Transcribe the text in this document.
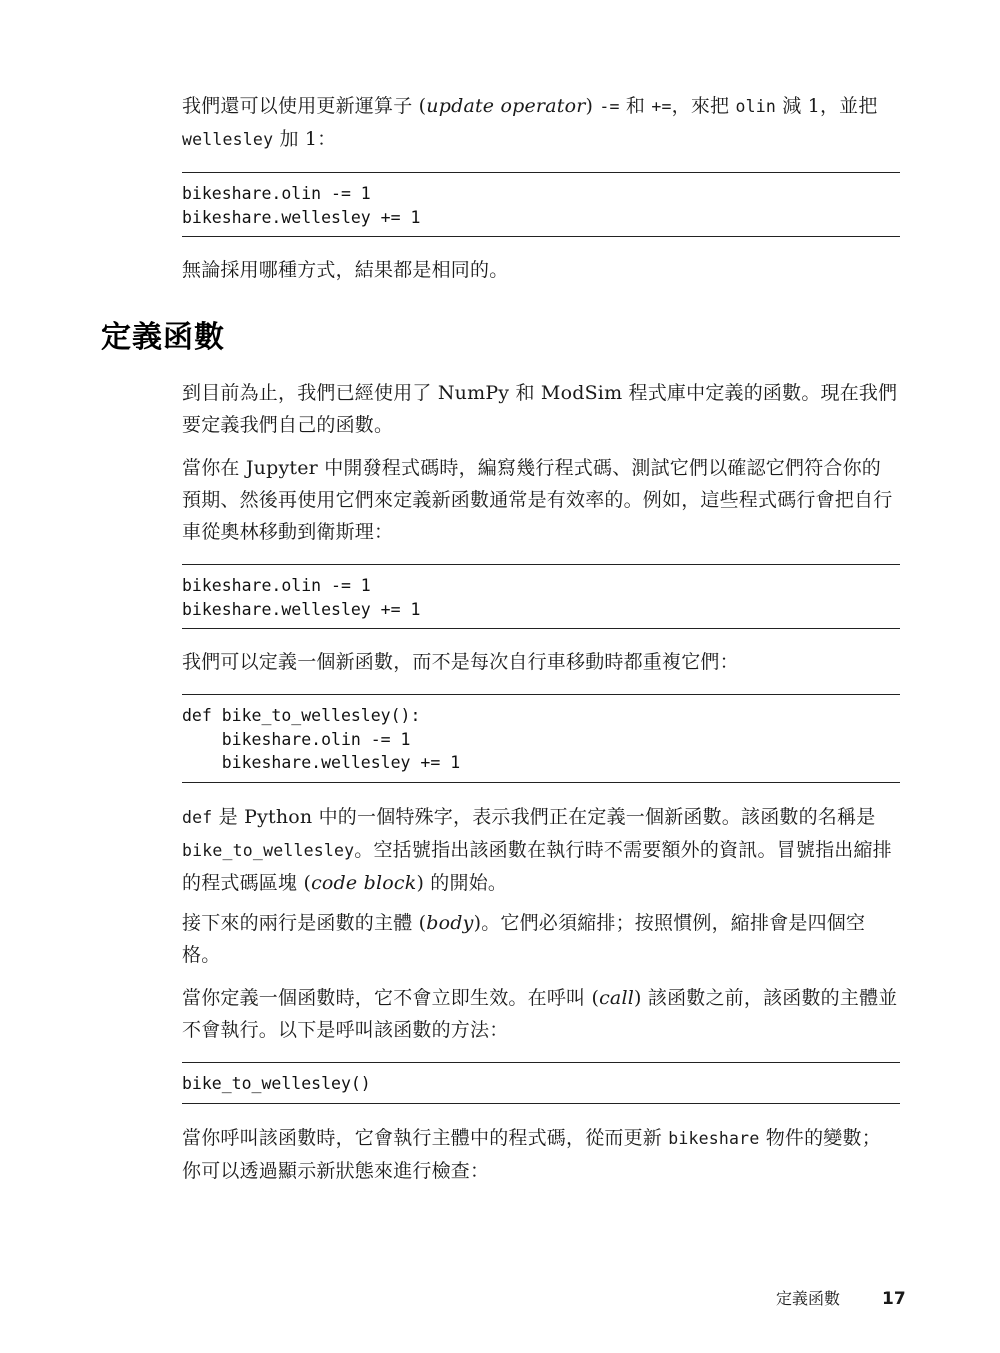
我們還可以使用更新運算子 (update operator) -= 和 +=，來把 olin 減 1，並把 wellesley 加 1：

bikeshare.olin -= 1
bikeshare.wellesley += 1

無論採用哪種方式，結果都是相同的。

定義函數

到目前為止，我們已經使用了 NumPy 和 ModSim 程式庫中定義的函數。現在我們要定義我們自己的函數。

當你在 Jupyter 中開發程式碼時，編寫幾行程式碼、測試它們以確認它們符合你的預期、然後再使用它們來定義新函數通常是有效率的。例如，這些程式碼行會把自行車從奧林移動到衛斯理：

bikeshare.olin -= 1
bikeshare.wellesley += 1

我們可以定義一個新函數，而不是每次自行車移動時都重複它們：

def bike_to_wellesley():
bikeshare.olin -= 1
bikeshare.wellesley += 1

def 是 Python 中的一個特殊字，表示我們正在定義一個新函數。該函數的名稱是 bike_to_wellesley。空括號指出該函數在執行時不需要額外的資訊。冒號指出縮排的程式碼區塊 (code block) 的開始。

接下來的兩行是函數的主體 (body)。它們必須縮排；按照慣例，縮排會是四個空格。

當你定義一個函數時，它不會立即生效。在呼叫 (call) 該函數之前，該函數的主體並不會執行。以下是呼叫該函數的方法：

bike_to_wellesley()

當你呼叫該函數時，它會執行主體中的程式碼，從而更新 bikeshare 物件的變數；你可以透過顯示新狀態來進行檢查：

定義函數 17
